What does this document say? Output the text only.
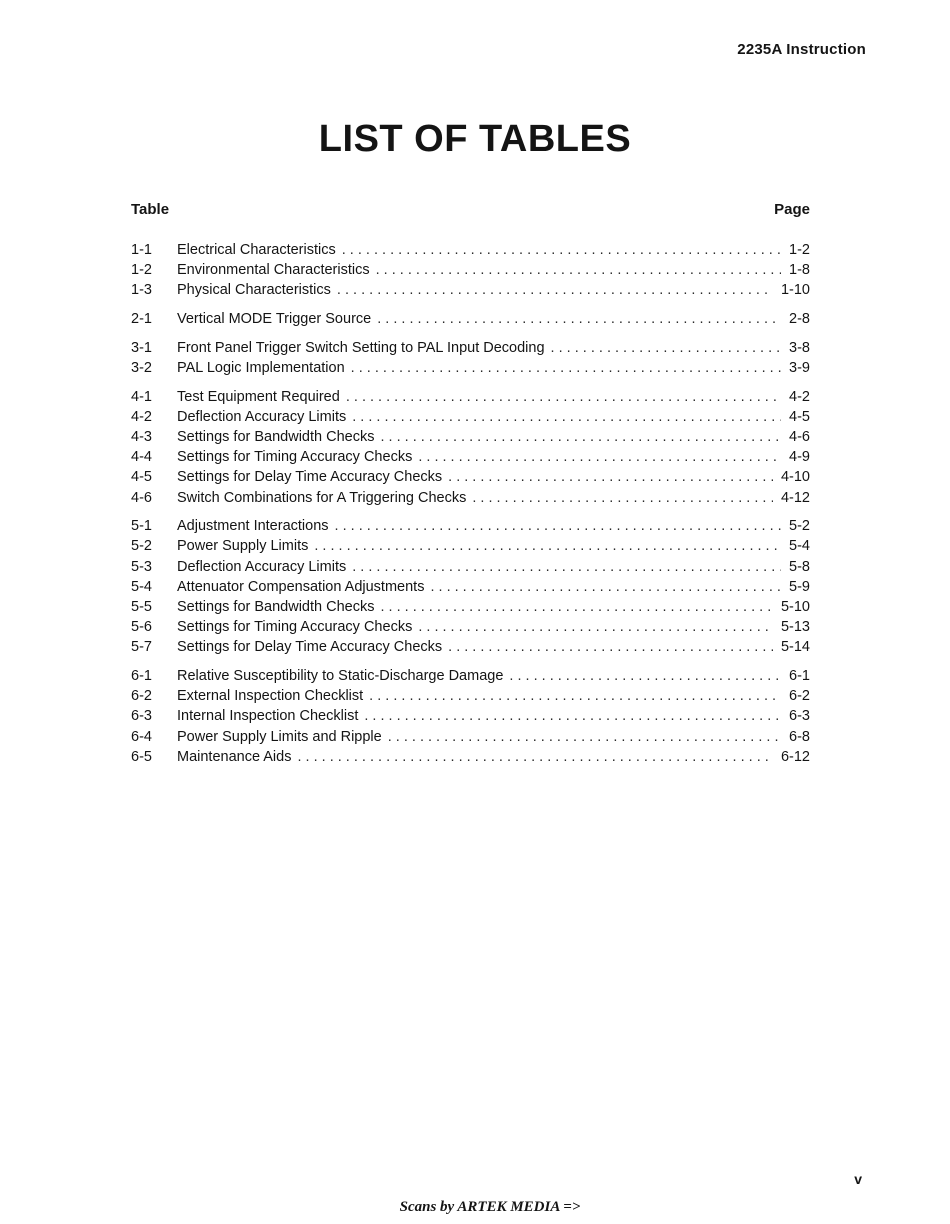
2235A Instruction
LIST OF TABLES
Table	Page
1-1	Electrical Characteristics . . .	1-2
1-2	Environmental Characteristics . . .	1-8
1-3	Physical Characteristics . . .	1-10
2-1	Vertical MODE Trigger Source . . .	2-8
3-1	Front Panel Trigger Switch Setting to PAL Input Decoding . . .	3-8
3-2	PAL Logic Implementation . . .	3-9
4-1	Test Equipment Required . . .	4-2
4-2	Deflection Accuracy Limits . . .	4-5
4-3	Settings for Bandwidth Checks . . .	4-6
4-4	Settings for Timing Accuracy Checks . . .	4-9
4-5	Settings for Delay Time Accuracy Checks . . .	4-10
4-6	Switch Combinations for A Triggering Checks . . .	4-12
5-1	Adjustment Interactions . . .	5-2
5-2	Power Supply Limits . . .	5-4
5-3	Deflection Accuracy Limits . . .	5-8
5-4	Attenuator Compensation Adjustments . . .	5-9
5-5	Settings for Bandwidth Checks . . .	5-10
5-6	Settings for Timing Accuracy Checks . . .	5-13
5-7	Settings for Delay Time Accuracy Checks . . .	5-14
6-1	Relative Susceptibility to Static-Discharge Damage . . .	6-1
6-2	External Inspection Checklist . . .	6-2
6-3	Internal Inspection Checklist . . .	6-3
6-4	Power Supply Limits and Ripple . . .	6-8
6-5	Maintenance Aids . . .	6-12
v
Scans by ARTEK MEDIA =>
